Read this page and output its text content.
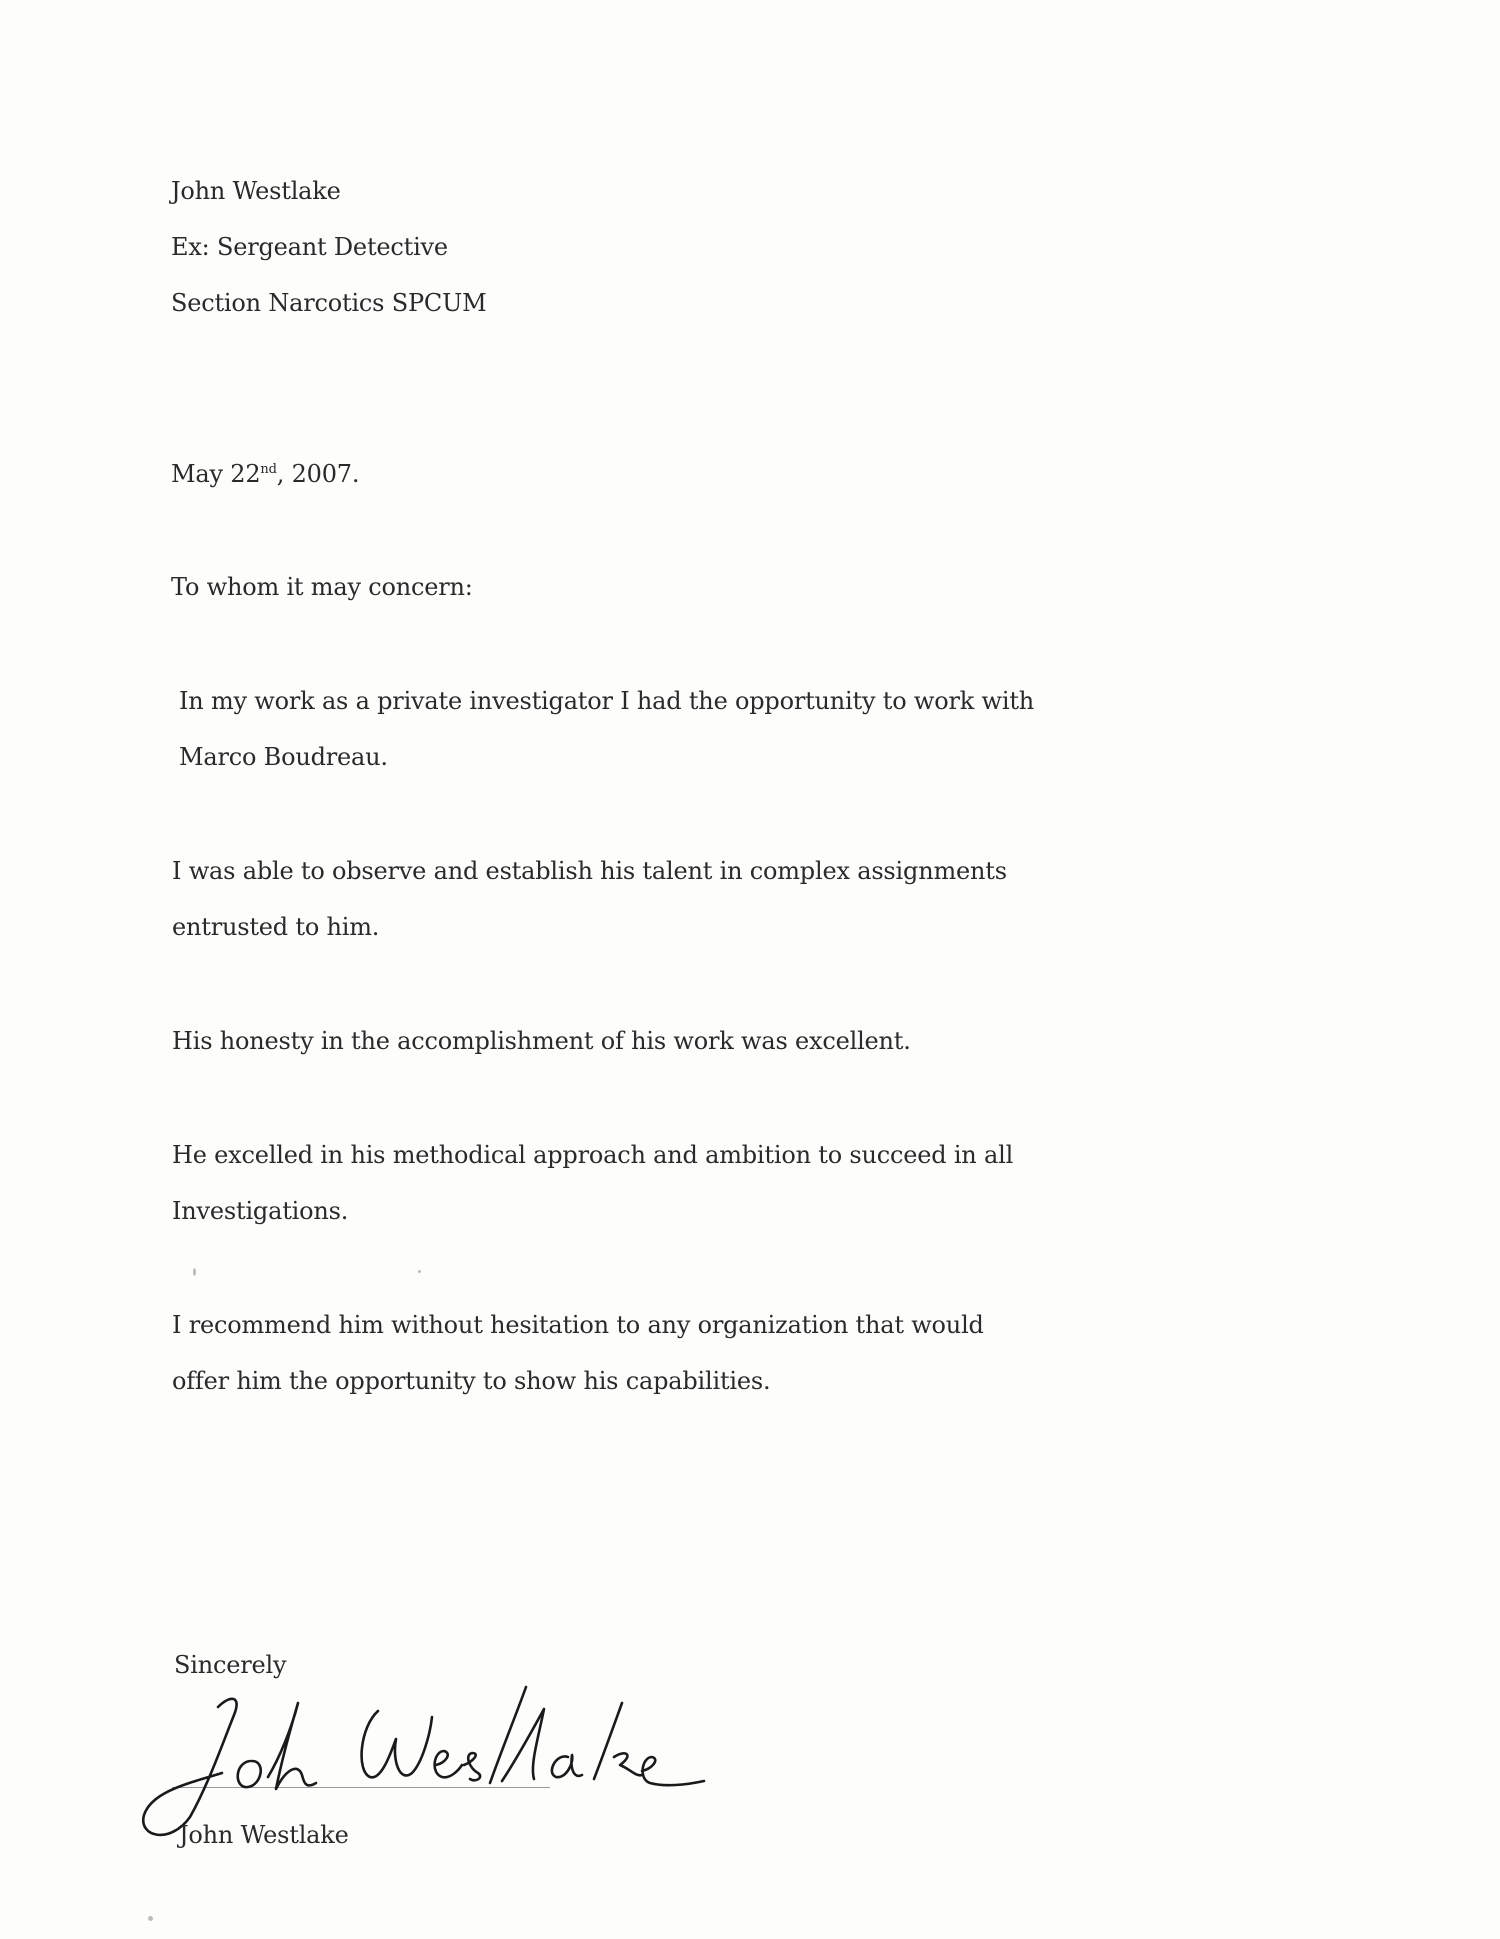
John Westlake
Ex: Sergeant Detective
Section Narcotics SPCUM
May 22nd, 2007.
To whom it may concern:
In my work as a private investigator I had the opportunity to work with
Marco Boudreau.
I was able to observe and establish his talent in complex assignments
entrusted to him.
His honesty in the accomplishment of his work was excellent.
He excelled in his methodical approach and ambition to succeed in all
Investigations.
I recommend him without hesitation to any organization that would
offer him the opportunity to show his capabilities.
Sincerely
John Westlake
